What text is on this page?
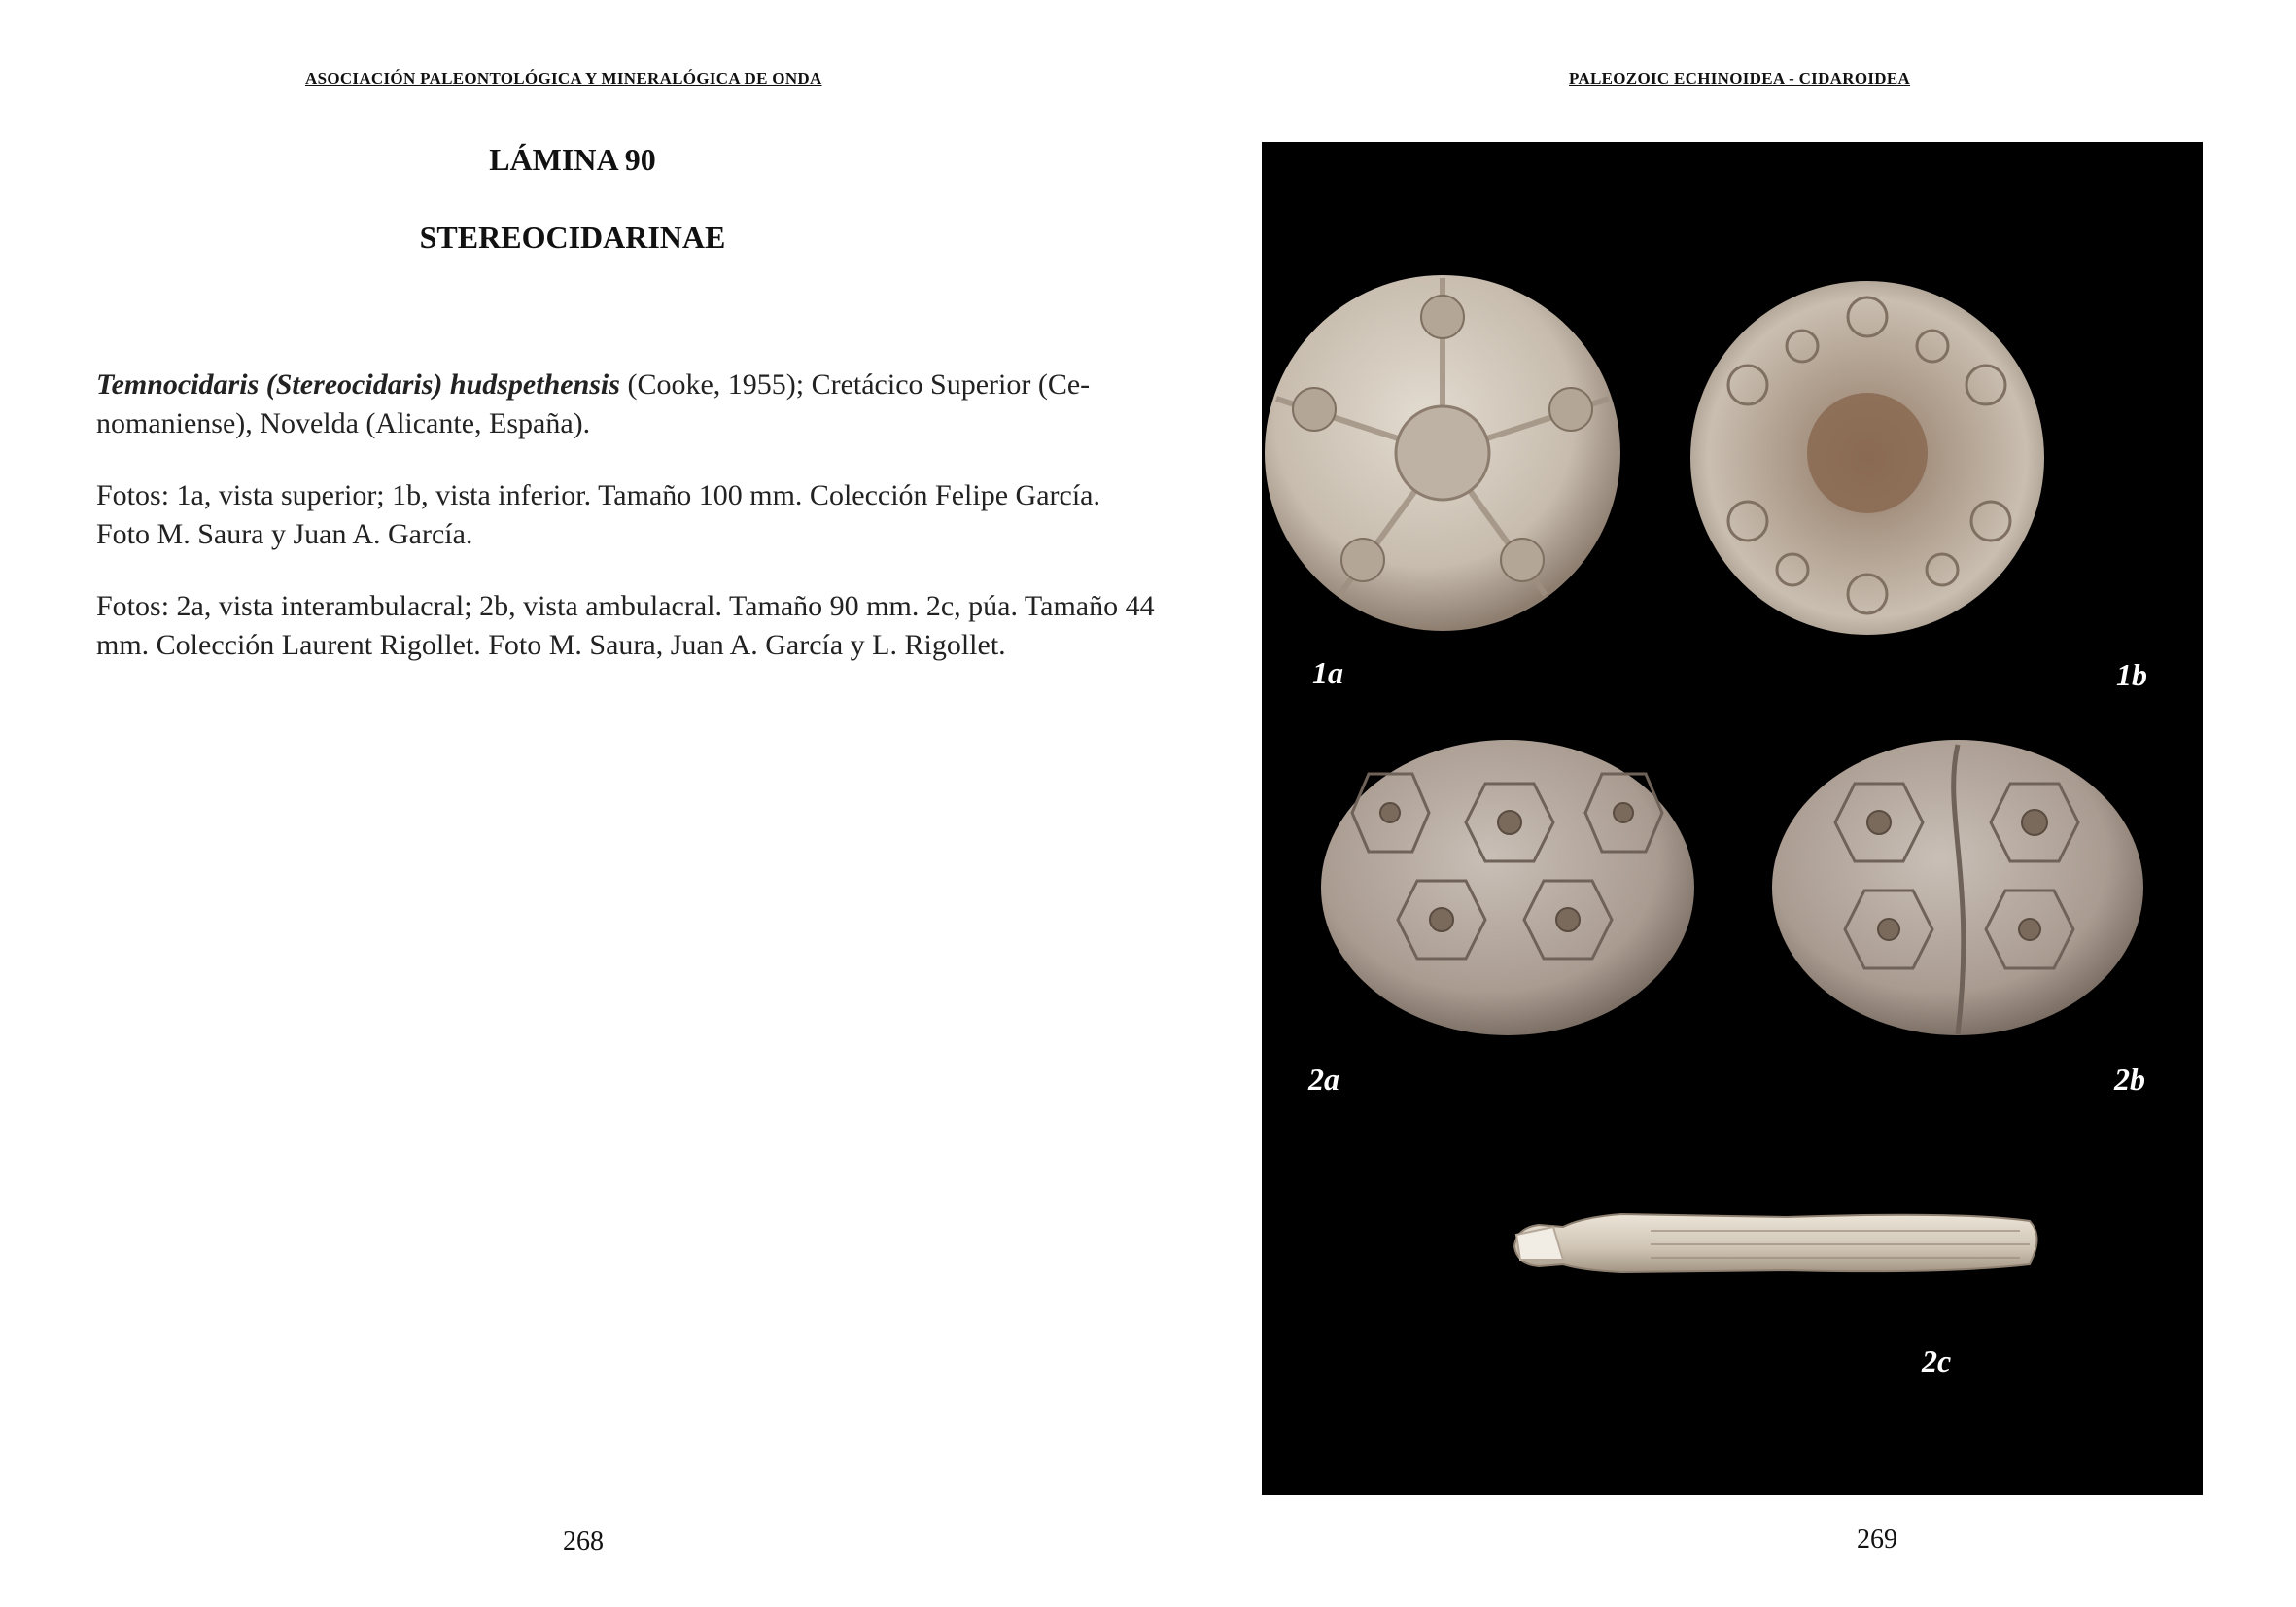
ASOCIACIÓN PALEONTOLÓGICA Y MINERALÓGICA DE ONDA
LÁMINA 90
STEREOCIDARINAE
Temnocidaris (Stereocidaris) hudspethensis (Cooke, 1955); Cretácico Superior (Cenomaniense), Novelda (Alicante, España).
Fotos: 1a, vista superior; 1b, vista inferior. Tamaño 100 mm. Colección Felipe García. Foto M. Saura y Juan A. García.
Fotos: 2a, vista interambulacral; 2b, vista ambulacral. Tamaño 90 mm. 2c, púa. Tamaño 44 mm. Colección Laurent Rigollet. Foto M. Saura, Juan A. García y L. Rigollet.
268
PALEOZOIC ECHINOIDEA - CIDAROIDEA
1a	1b
2a	2b
2c
269
